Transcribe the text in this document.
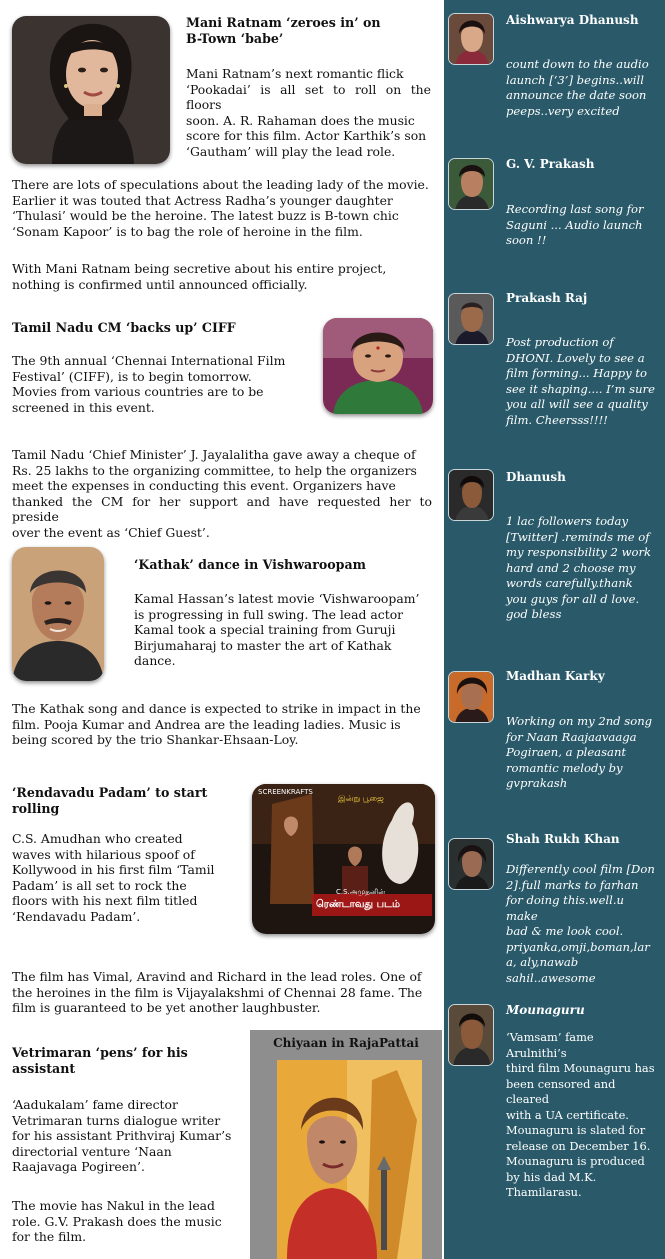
Mani Ratnam ‘zeroes in’ on
B-Town ‘babe’
Mani Ratnam’s next romantic flick
‘Pookadai’ is all set to roll on the floors
soon. A. R. Rahaman does the music
score for this film. Actor Karthik’s son
‘Gautham’ will play the lead role.
There are lots of speculations about the leading lady of the movie.
Earlier it was touted that Actress Radha’s younger daughter
‘Thulasi’ would be the heroine. The latest buzz is B-town chic
‘Sonam Kapoor’ is to bag the role of heroine in the film.
With Mani Ratnam being secretive about his entire project,
nothing is confirmed until announced officially.
Tamil Nadu CM ‘backs up’ CIFF
The 9th annual ‘Chennai International Film
Festival’ (CIFF), is to begin tomorrow.
Movies from various countries are to be
screened in this event.
Tamil Nadu ‘Chief Minister’ J. Jayalalitha gave away a cheque of
Rs. 25 lakhs to the organizing committee, to help the organizers
meet the expenses in conducting this event. Organizers have
thanked the CM for her support and have requested her to preside
over the event as ‘Chief Guest’.
‘Kathak’ dance in Vishwaroopam
Kamal Hassan’s latest movie ‘Vishwaroopam’
is progressing in full swing. The lead actor
Kamal took a special training from Guruji
Birjumaharaj to master the art of Kathak
dance.
The Kathak song and dance is expected to strike in impact in the
film. Pooja Kumar and Andrea are the leading ladies. Music is
being scored by the trio Shankar-Ehsaan-Loy.
‘Rendavadu Padam’ to start
rolling
C.S. Amudhan who created
waves with hilarious spoof of
Kollywood in his first film ‘Tamil
Padam’ is all set to rock the
floors with his next film titled
‘Rendavadu Padam’.
SCREENKRAFTS
இன்று பூஜை
C.S.அமுதனின்
ரெண்டாவது படம்
The film has Vimal, Aravind and Richard in the lead roles. One of
the heroines in the film is Vijayalakshmi of Chennai 28 fame. The
film is guaranteed to be yet another laughbuster.
Vetrimaran ‘pens’ for his
assistant
‘Aadukalam’ fame director
Vetrimaran turns dialogue writer
for his assistant Prithviraj Kumar’s
directorial venture ‘Naan
Raajavaga Pogireen’.
The movie has Nakul in the lead
role. G.V. Prakash does the music
for the film.
Chiyaan in RajaPattai
Aishwarya Dhanush
count down to the audio
launch [‘3’] begins..will
announce the date soon
peeps..very excited
G. V. Prakash
Recording last song for
Saguni ... Audio launch
soon !!
Prakash Raj
Post production of
DHONI. Lovely to see a
film forming... Happy to
see it shaping.... I’m sure
you all will see a quality
film. Cheersss!!!!
Dhanush
1 lac followers today
[Twitter] .reminds me of
my responsibility 2 work
hard and 2 choose my
words carefully.thank
you guys for all d love.
god bless
Madhan Karky
Working on my 2nd song
for Naan Raajaavaaga
Pogiraen, a pleasant
romantic melody by
gvprakash
Shah Rukh Khan
Differently cool film [Don
2].full marks to farhan
for doing this.well.u make
bad & me look cool.
priyanka,omji,boman,lar
a, aly,nawab
sahil..awesome
Mounaguru
‘Vamsam’ fame Arulnithi’s
third film Mounaguru has
been censored and cleared
with a UA certificate.
Mounaguru is slated for
release on December 16.
Mounaguru is produced
by his dad M.K.
Thamilarasu.
